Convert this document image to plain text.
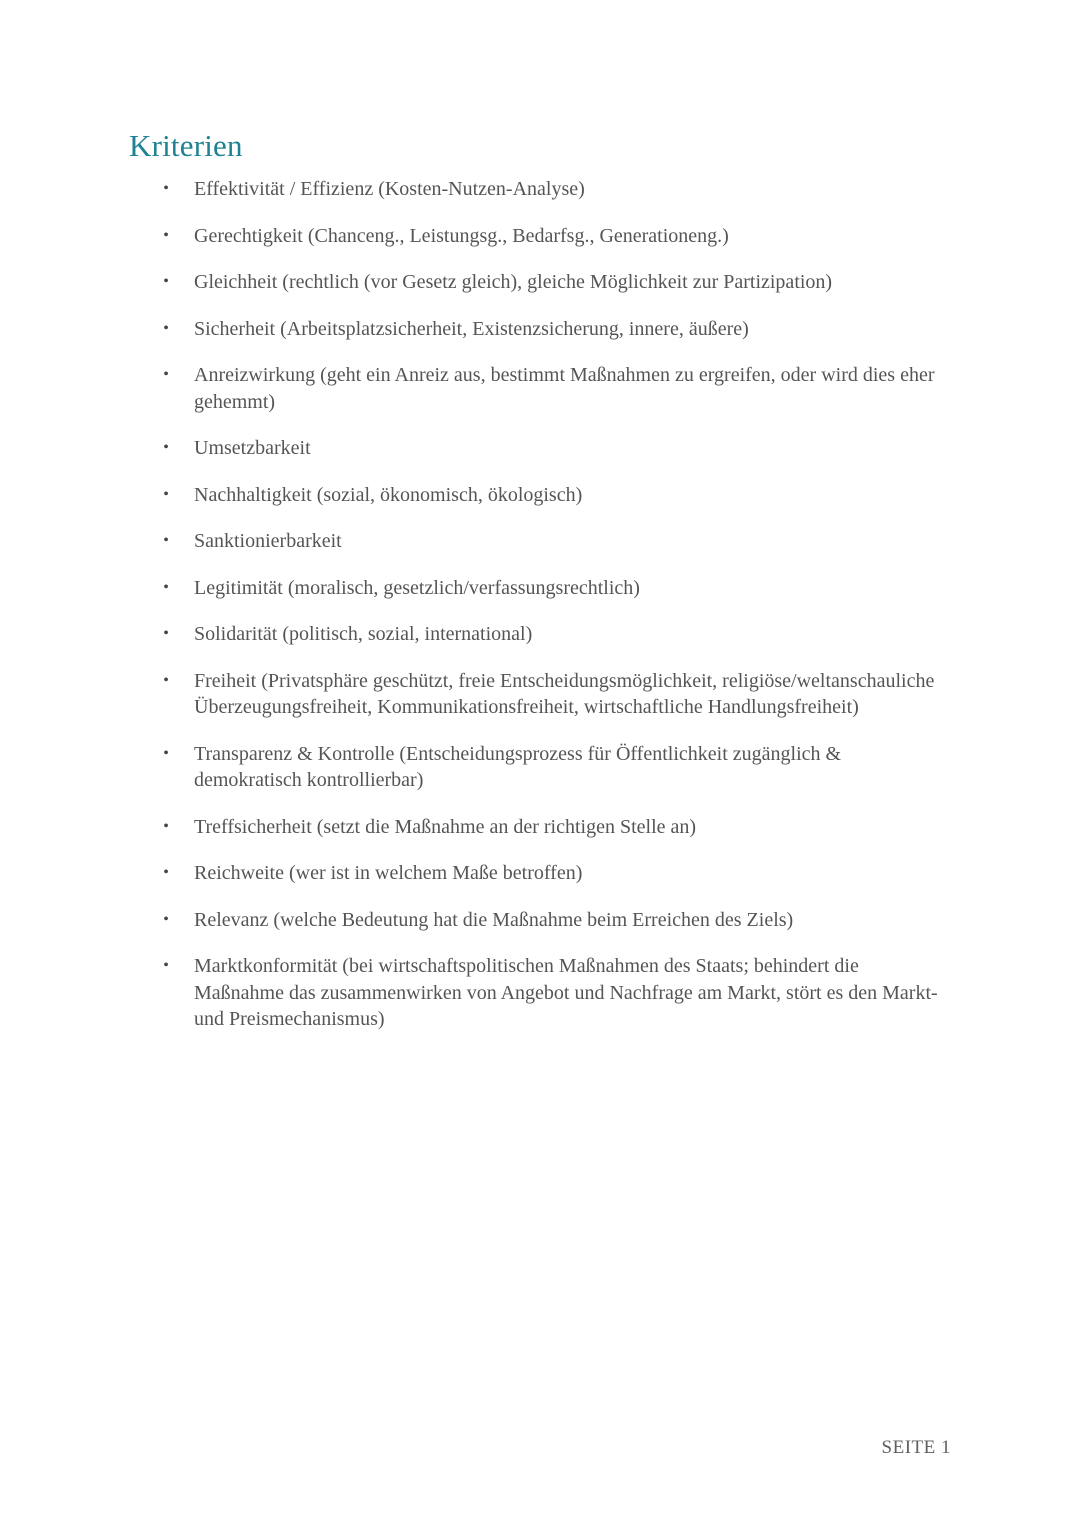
Kriterien
• Effektivität / Effizienz (Kosten-Nutzen-Analyse)
• Gerechtigkeit (Chanceng., Leistungsg., Bedarfsg., Generationeng.)
• Gleichheit (rechtlich (vor Gesetz gleich), gleiche Möglichkeit zur Partizipation)
• Sicherheit (Arbeitsplatzsicherheit, Existenzsicherung, innere, äußere)
• Anreizwirkung (geht ein Anreiz aus, bestimmt Maßnahmen zu ergreifen, oder wird dies eher gehemmt)
• Umsetzbarkeit
• Nachhaltigkeit (sozial, ökonomisch, ökologisch)
• Sanktionierbarkeit
• Legitimität (moralisch, gesetzlich/verfassungsrechtlich)
• Solidarität (politisch, sozial, international)
• Freiheit (Privatsphäre geschützt, freie Entscheidungsmöglichkeit, religiöse/weltanschauliche Überzeugungsfreiheit, Kommunikationsfreiheit, wirtschaftliche Handlungsfreiheit)
• Transparenz & Kontrolle (Entscheidungsprozess für Öffentlichkeit zugänglich & demokratisch kontrollierbar)
• Treffsicherheit (setzt die Maßnahme an der richtigen Stelle an)
• Reichweite (wer ist in welchem Maße betroffen)
• Relevanz (welche Bedeutung hat die Maßnahme beim Erreichen des Ziels)
• Marktkonformität (bei wirtschaftspolitischen Maßnahmen des Staats; behindert die Maßnahme das zusammenwirken von Angebot und Nachfrage am Markt, stört es den Markt- und Preismechanismus)
SEITE 1
